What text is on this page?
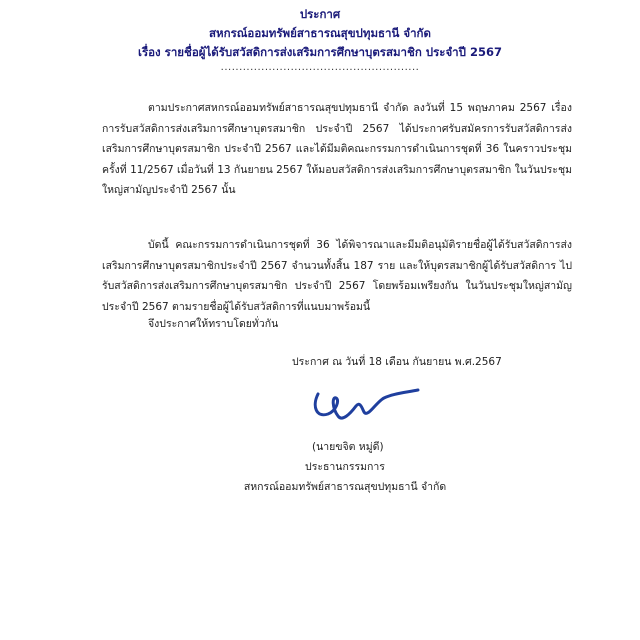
ประกาศ
สหกรณ์ออมทรัพย์สาธารณสุขปทุมธานี จำกัด
เรื่อง รายชื่อผู้ได้รับสวัสดิการส่งเสริมการศึกษาบุตรสมาชิก ประจำปี 2567
......................................................

ตามประกาศสหกรณ์ออมทรัพย์สาธารณสุขปทุมธานี จำกัด ลงวันที่ 15 พฤษภาคม 2567 เรื่อง การรับสวัสดิการส่งเสริมการศึกษาบุตรสมาชิก ประจำปี 2567 ได้ประกาศรับสมัครการรับสวัสดิการส่งเสริมการศึกษาบุตรสมาชิก ประจำปี 2567 และได้มีมติคณะกรรมการดำเนินการชุดที่ 36 ในคราวประชุมครั้งที่ 11/2567 เมื่อวันที่ 13 กันยายน 2567 ให้มอบสวัสดิการส่งเสริมการศึกษาบุตรสมาชิก ในวันประชุมใหญ่สามัญประจำปี 2567 นั้น

บัดนี้ คณะกรรมการดำเนินการชุดที่ 36 ได้พิจารณาและมีมติอนุมัติรายชื่อผู้ได้รับสวัสดิการส่งเสริมการศึกษาบุตรสมาชิกประจำปี 2567 จำนวนทั้งสิ้น 187 ราย และให้บุตรสมาชิกผู้ได้รับสวัสดิการ ไปรับสวัสดิการส่งเสริมการศึกษาบุตรสมาชิก ประจำปี 2567 โดยพร้อมเพรียงกัน ในวันประชุมใหญ่สามัญประจำปี 2567 ตามรายชื่อผู้ได้รับสวัสดิการที่แนบมาพร้อมนี้

จึงประกาศให้ทราบโดยทั่วกัน

ประกาศ ณ วันที่ 18 เดือน กันยายน พ.ศ.2567
(นายขจิต หมู่ดี)
ประธานกรรมการ
สหกรณ์ออมทรัพย์สาธารณสุขปทุมธานี จำกัด
